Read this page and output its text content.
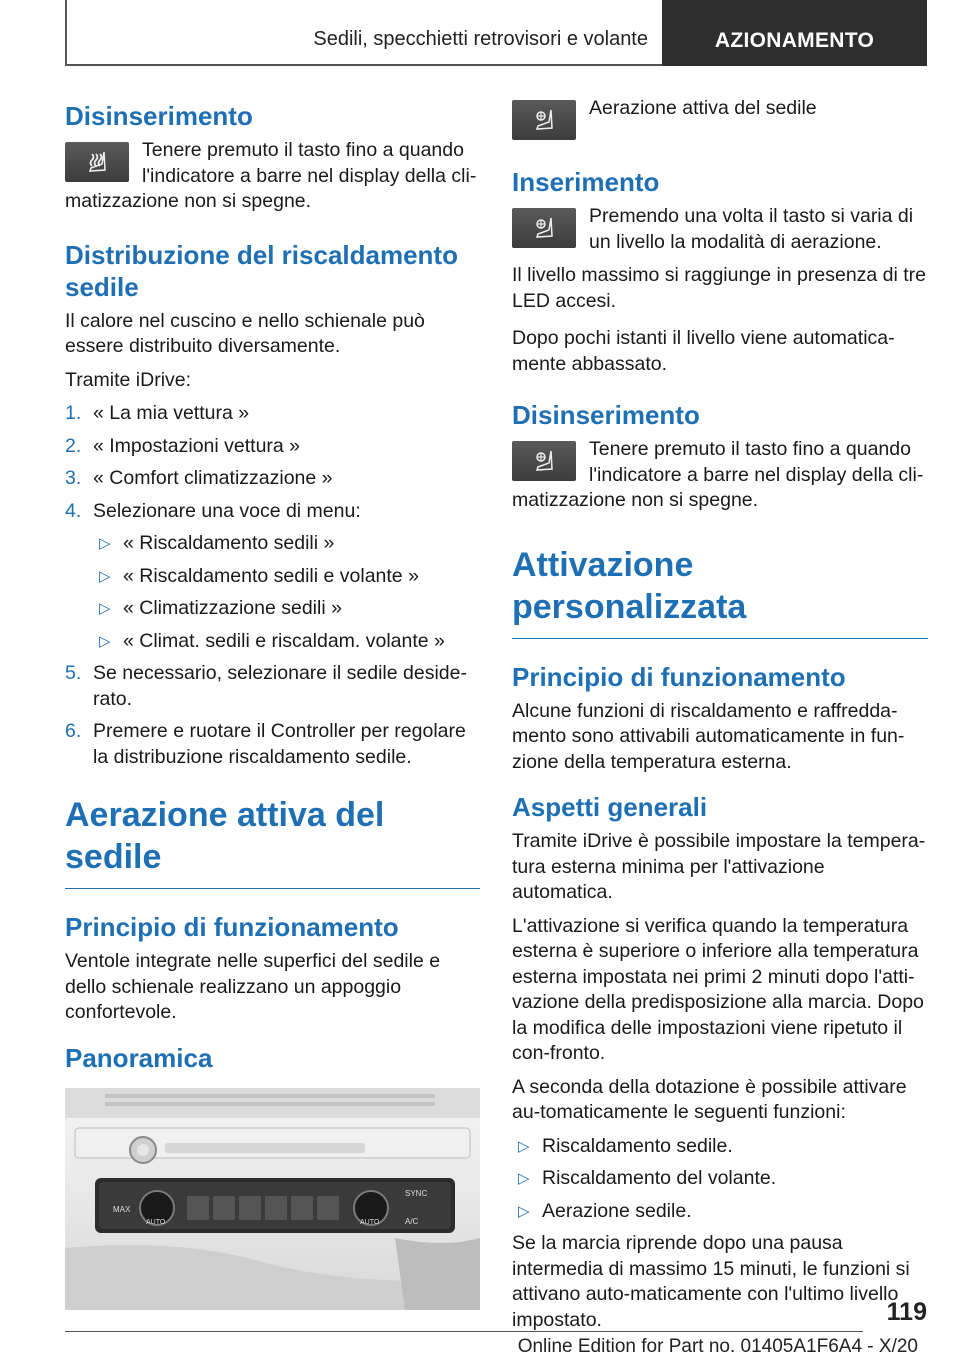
Sedili, specchietti retrovisori e volante	AZIONAMENTO
Disinserimento

Tenere premuto il tasto fino a quando l'indicatore a barre nel display della cli-matizzazione non si spegne.

Distribuzione del riscaldamento sedile

Il calore nel cuscino e nello schienale può essere distribuito diversamente.

Tramite iDrive:

1. « La mia vettura »
2. « Impostazioni vettura »
3. « Comfort climatizzazione »
4. Selezionare una voce di menu:
▷ « Riscaldamento sedili »
▷ « Riscaldamento sedili e volante »
▷ « Climatizzazione sedili »
▷ « Climat. sedili e riscaldam. volante »
5. Se necessario, selezionare il sedile deside-rato.
6. Premere e ruotare il Controller per regolare la distribuzione riscaldamento sedile.
Aerazione attiva del sedile
Principio di funzionamento

Ventole integrate nelle superfici del sedile e dello schienale realizzano un appoggio confortevole.

Panoramica
AUTO	AUTO
SYNC
MAX
A/C

Aerazione attiva del sedile

Inserimento

Premendo una volta il tasto si varia di un livello la modalità di aerazione.

Il livello massimo si raggiunge in presenza di tre LED accesi.

Dopo pochi istanti il livello viene automatica-mente abbassato.

Disinserimento

Tenere premuto il tasto fino a quando l'indicatore a barre nel display della cli-matizzazione non si spegne.

Attivazione personalizzata
Principio di funzionamento

Alcune funzioni di riscaldamento e raffredda-mento sono attivabili automaticamente in fun-zione della temperatura esterna.

Aspetti generali

Tramite iDrive è possibile impostare la tempera-tura esterna minima per l'attivazione automatica.

L'attivazione si verifica quando la temperatura esterna è superiore o inferiore alla temperatura esterna impostata nei primi 2 minuti dopo l'atti-vazione della predisposizione alla marcia. Dopo la modifica delle impostazioni viene ripetuto il con-fronto.

A seconda della dotazione è possibile attivare au-tomaticamente le seguenti funzioni:

▷ Riscaldamento sedile.
▷ Riscaldamento del volante.
▷ Aerazione sedile.

Se la marcia riprende dopo una pausa intermedia di massimo 15 minuti, le funzioni si attivano auto-maticamente con l'ultimo livello impostato.	119
Online Edition for Part no. 01405A1F6A4 - X/20
